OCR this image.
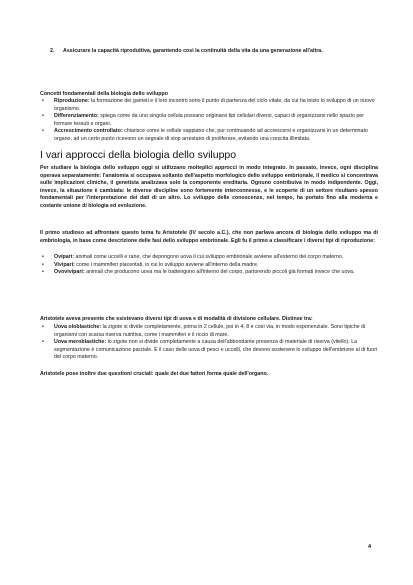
2.	Assicurare la capacità riproduttiva, garantendo così la continuità della vita da una generazione all'altra.
Concetti fondamentali della biologia dello sviluppo
• Riproduzione: la formazione dei gameti e il loro incontro sono il punto di partenza del ciclo vitale, da cui ha inizio lo sviluppo di un nuovo organismo.
• Differenziamento: spiega come da uno singola cellula possano originarsi tipi cellulari diversi, capaci di organizzarsi nello spazio per formare tessuti e organi.
• Accrescimento controllato: chiarisce come le cellule sappiano che, pur continuando ad accrescersi e organizzarsi in un determinato organo, ad un certo punto ricevono un segnale di stop arrestano di proliferare, evitando una crescita illimitata.
I vari approcci della biologia dello sviluppo

Per studiare la biologia dello sviluppo oggi si utilizzano molteplici approcci in modo integrato. In passato, invece, ogni disciplina operava separatamente: l'anatomia si occupava soltanto dell'aspetto morfologico dello sviluppo embrionale, il medico si concentrava sulle implicazioni cliniche, il genetista analizzava solo la componente ereditaria. Ognuno contribuiva in modo indipendente. Oggi, invece, la situazione è cambiata: le diverse discipline sono fortemente interconnesse, e le scoperte di un settore risultano spesso fondamentali per l'interpretazione dei dati di un altro. Lo sviluppo delle conoscenze, nel tempo, ha portato fino alla moderna e costante unione di biologia ed evoluzione.

Il primo studioso ad affrontare questo tema fu Aristotele (IV secolo a.C.), che non parlava ancora di biologia dello sviluppo ma di embriologia, in base come descrizione delle fasi dello sviluppo embrionale. Egli fu il primo a classificare i diversi tipi di riproduzione:

• Ovipari: animali come uccelli e rane, che depongono uova il cui sviluppo embrionale avviene all'esterno del corpo materno.
• Vivipari: come i mammiferi placentati, in cui lo sviluppo avviene all'interno della madre.
• Ovovivipari: animali che producono uova ma le trattengono all'interno del corpo, partorendo piccoli già formati invece che uova.

Aristotele aveva presente che esistevano diversi tipi di uova e di modalità di divisione cellulare. Distinse tra:

• Uova oloblastiche: la zigote si divide completamente, prima in 2 cellule, poi in 4, 8 e così via, in modo esponenziale. Sono tipiche di organismi con scarsa riserva nutritiva, come i mammiferi e il riccio di mare.
• Uova meroblastiche: lo zigote non si divide completamente a causa dell'abbondante presenza di materiale di riserva (vitello). La segmentazione è comunicazione parziale. È il caso delle uova di pesci e uccelli, che devono sostenere lo sviluppo dell'embrione al di fuori del corpo materno.

Aristotele pose inoltre due questioni cruciali: quale dei due fattori forma quale dell'organo.

4
